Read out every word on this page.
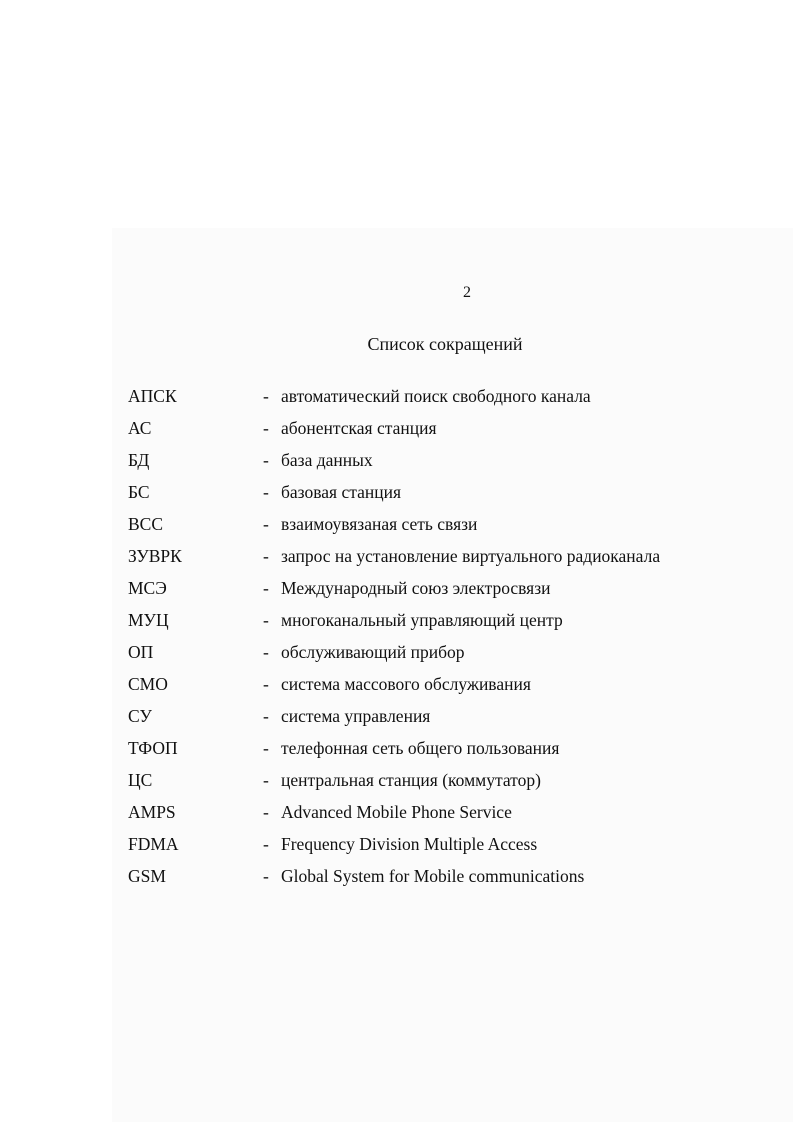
2
Список сокращений
АПСК	- автоматический поиск свободного канала
АС	- абонентская станция
БД	- база данных
БС	- базовая станция
ВСС	- взаимоувязаная сеть связи
ЗУВРК	- запрос на установление виртуального радиоканала
МСЭ	- Международный союз электросвязи
МУЦ	- многоканальный управляющий центр
ОП	- обслуживающий прибор
СМО	- система массового обслуживания
СУ	- система управления
ТФОП	- телефонная сеть общего пользования
ЦС	- центральная станция (коммутатор)
AMPS	- Advanced Mobile Phone Service
FDMA	- Frequency Division Multiple Access
GSM	- Global System for Mobile communications
